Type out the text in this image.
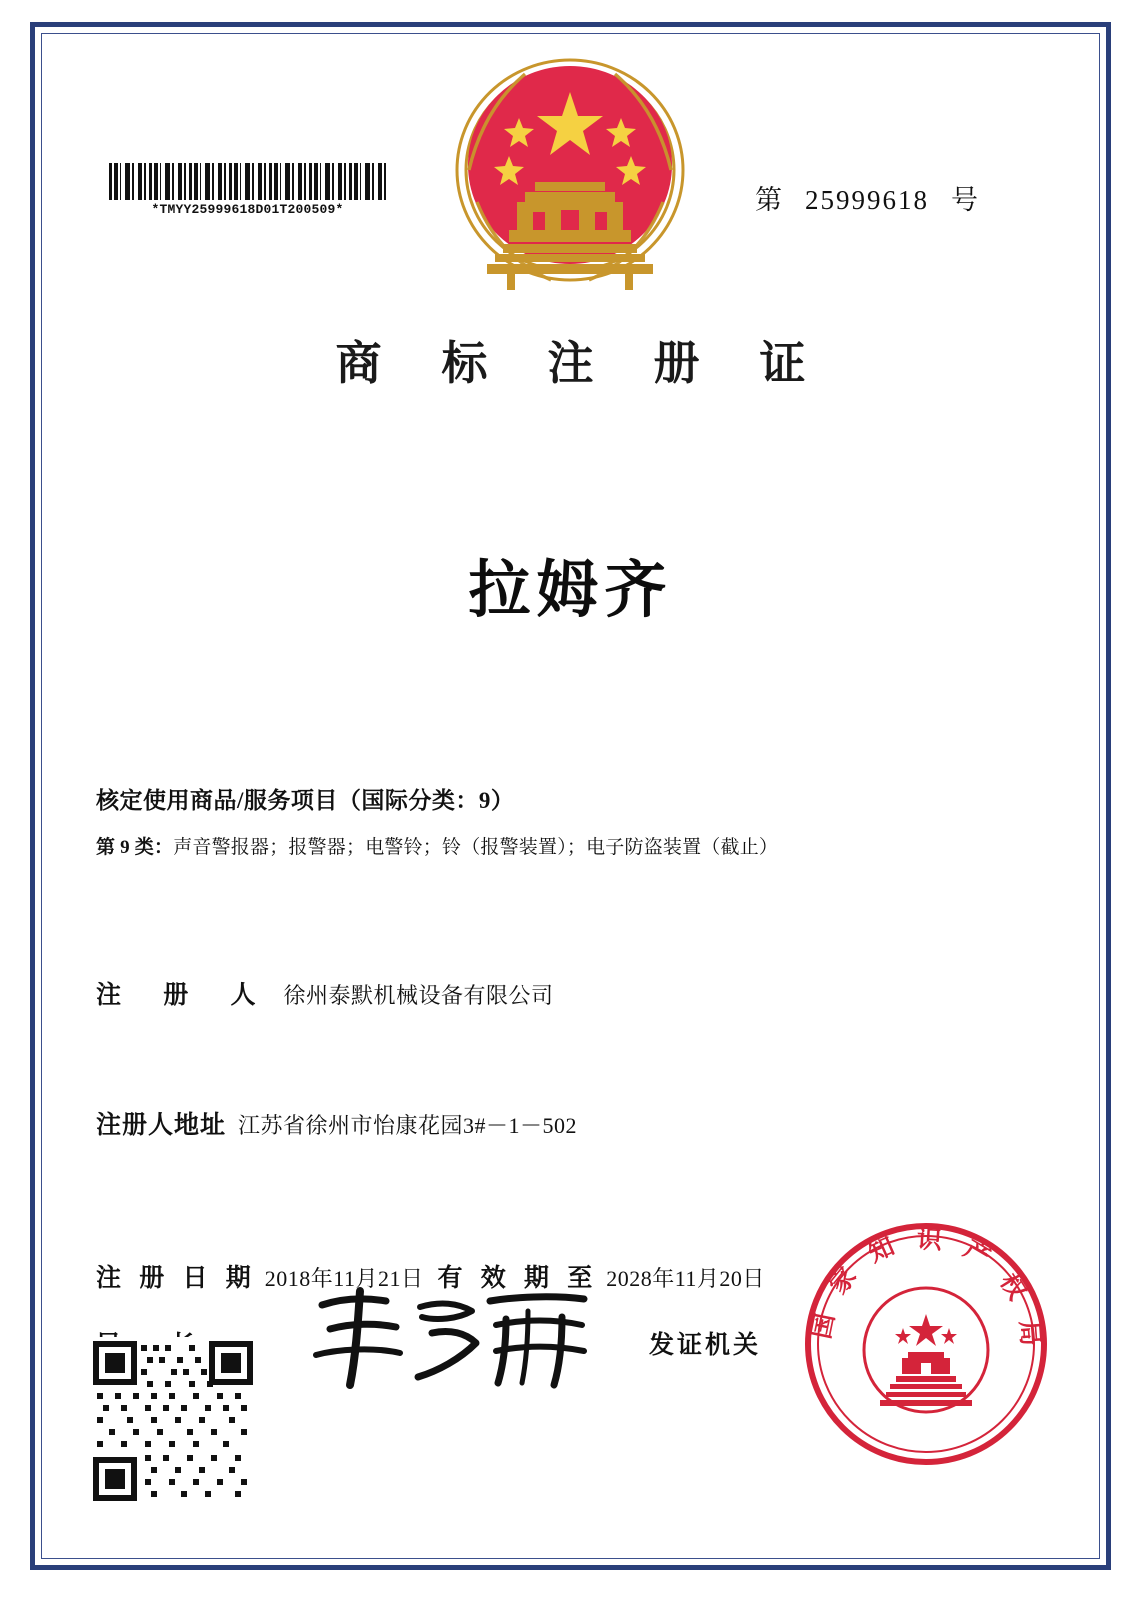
*TMYY25999618D01T200509*	第 25999618 号
商 标 注 册 证
拉姆齐
核定使用商品/服务项目（国际分类：9）
第 9 类：声音警报器；报警器；电警铃；铃（报警装置）；电子防盗装置（截止）
注 册 人 徐州泰默机械设备有限公司
注册人地址 江苏省徐州市怡康花园3#－1－502
注 册 日 期 2018年11月21日 有 效 期 至 2028年11月20日
发证机关
国 家 知 识 产 权 局
